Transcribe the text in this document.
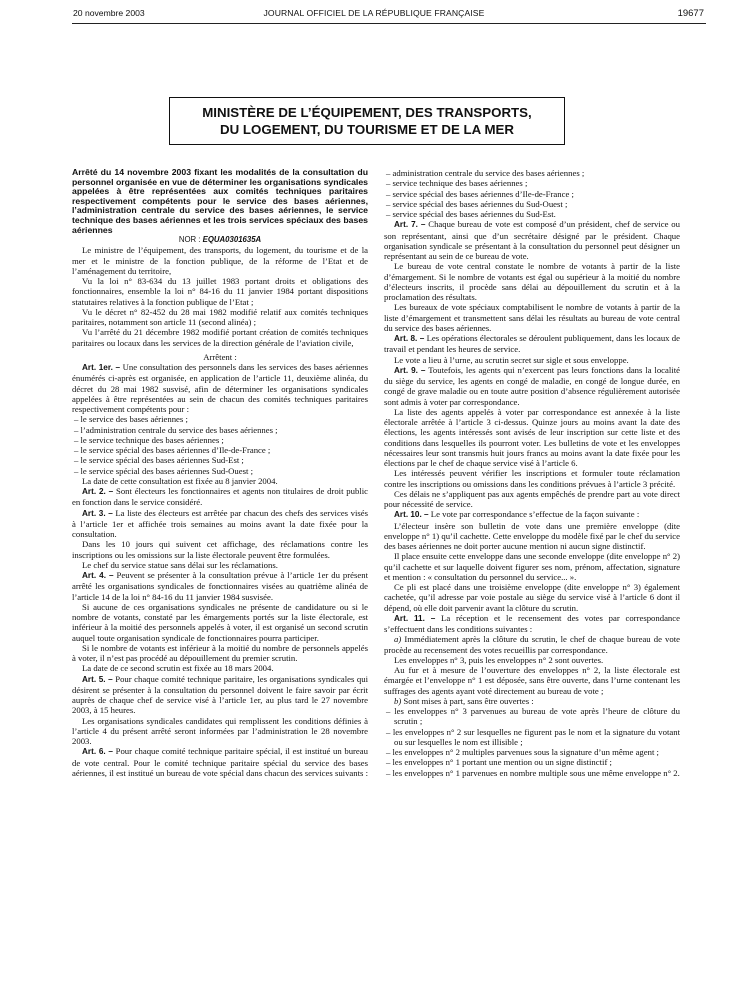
20 novembre 2003	JOURNAL OFFICIEL DE LA RÉPUBLIQUE FRANÇAISE	19677
MINISTÈRE DE L’ÉQUIPEMENT, DES TRANSPORTS,
DU LOGEMENT, DU TOURISME ET DE LA MER

Arrêté du 14 novembre 2003 fixant les modalités de la consultation du personnel organisée en vue de déterminer les organisations syndicales appelées à être représentées aux comités techniques paritaires respectivement compétents pour le service des bases aériennes, l’administration centrale du service des bases aériennes, le service technique des bases aériennes et les trois services spéciaux des bases aériennes

NOR : EQUA0301635A

Le ministre de l’équipement, des transports, du logement, du tourisme et de la mer et le ministre de la fonction publique, de la réforme de l’Etat et de l’aménagement du territoire,

Vu la loi n° 83-634 du 13 juillet 1983 portant droits et obligations des fonctionnaires, ensemble la loi n° 84-16 du 11 janvier 1984 portant dispositions statutaires relatives à la fonction publique de l’Etat ;

Vu le décret n° 82-452 du 28 mai 1982 modifié relatif aux comités techniques paritaires, notamment son article 11 (second alinéa) ;

Vu l’arrêté du 21 décembre 1982 modifié portant création de comités techniques paritaires ou locaux dans les services de la direction générale de l’aviation civile,

Arrêtent :

Art. 1er. – Une consultation des personnels dans les services des bases aériennes énumérés ci-après est organisée, en application de l’article 11, deuxième alinéa, du décret du 28 mai 1982 susvisé, afin de déterminer les organisations syndicales appelées à être représentées au sein de chacun des comités techniques paritaires respectivement compétents pour :

– le service des bases aériennes ;

– l’administration centrale du service des bases aériennes ;

– le service technique des bases aériennes ;

– le service spécial des bases aériennes d’Ile-de-France ;

– le service spécial des bases aériennes Sud-Est ;

– le service spécial des bases aériennes Sud-Ouest ;

La date de cette consultation est fixée au 8 janvier 2004.

Art. 2. – Sont électeurs les fonctionnaires et agents non titulaires de droit public en fonction dans le service considéré.

Art. 3. – La liste des électeurs est arrêtée par chacun des chefs des services visés à l’article 1er et affichée trois semaines au moins avant la date fixée pour la consultation.

Dans les 10 jours qui suivent cet affichage, des réclamations contre les inscriptions ou les omissions sur la liste électorale peuvent être formulées.

Le chef du service statue sans délai sur les réclamations.

Art. 4. – Peuvent se présenter à la consultation prévue à l’article 1er du présent arrêté les organisations syndicales de fonctionnaires visées au quatrième alinéa de l’article 14 de la loi n° 84-16 du 11 janvier 1984 susvisée.

Si aucune de ces organisations syndicales ne présente de candidature ou si le nombre de votants, constaté par les émargements portés sur la liste électorale, est inférieur à la moitié des personnels appelés à voter, il est organisé un second scrutin auquel toute organisation syndicale de fonctionnaires pourra participer.

Si le nombre de votants est inférieur à la moitié du nombre de personnels appelés à voter, il n’est pas procédé au dépouillement du premier scrutin.

La date de ce second scrutin est fixée au 18 mars 2004.

Art. 5. – Pour chaque comité technique paritaire, les organisations syndicales qui désirent se présenter à la consultation du personnel doivent le faire savoir par écrit auprès de chaque chef de service visé à l’article 1er, au plus tard le 27 novembre 2003, à 15 heures.

Les organisations syndicales candidates qui remplissent les conditions définies à l’article 4 du présent arrêté seront informées par l’administration le 28 novembre 2003.

Art. 6. – Pour chaque comité technique paritaire spécial, il est institué un bureau de vote central. Pour le comité technique paritaire spécial du service des bases aériennes, il est institué un bureau de vote spécial dans chacun des services suivants :

– administration centrale du service des bases aériennes ;

– service technique des bases aériennes ;

– service spécial des bases aériennes d’Ile-de-France ;

– service spécial des bases aériennes du Sud-Ouest ;

– service spécial des bases aériennes du Sud-Est.

Art. 7. – Chaque bureau de vote est composé d’un président, chef de service ou son représentant, ainsi que d’un secrétaire désigné par le président. Chaque organisation syndicale se présentant à la consultation du personnel peut désigner un représentant au sein de ce bureau de vote.

Le bureau de vote central constate le nombre de votants à partir de la liste d’émargement. Si le nombre de votants est égal ou supérieur à la moitié du nombre d’électeurs inscrits, il procède sans délai au dépouillement du scrutin et à la proclamation des résultats.

Les bureaux de vote spéciaux comptabilisent le nombre de votants à partir de la liste d’émargement et transmettent sans délai les résultats au bureau de vote central du service des bases aériennes.

Art. 8. – Les opérations électorales se déroulent publiquement, dans les locaux de travail et pendant les heures de service.

Le vote a lieu à l’urne, au scrutin secret sur sigle et sous enveloppe.

Art. 9. – Toutefois, les agents qui n’exercent pas leurs fonctions dans la localité du siège du service, les agents en congé de maladie, en congé de longue durée, en congé de grave maladie ou en toute autre position d’absence régulièrement autorisée sont admis à voter par correspondance.

La liste des agents appelés à voter par correspondance est annexée à la liste électorale arrêtée à l’article 3 ci-dessus. Quinze jours au moins avant la date des élections, les agents intéressés sont avisés de leur inscription sur cette liste et des conditions dans lesquelles ils pourront voter. Les bulletins de vote et les enveloppes nécessaires leur sont transmis huit jours francs au moins avant la date fixée pour les élections par le chef de chaque service visé à l’article 6.

Les intéressés peuvent vérifier les inscriptions et formuler toute réclamation contre les inscriptions ou omissions dans les conditions prévues à l’article 3 précité.

Ces délais ne s’appliquent pas aux agents empêchés de prendre part au vote direct pour nécessité de service.

Art. 10. – Le vote par correspondance s’effectue de la façon suivante :

L’électeur insère son bulletin de vote dans une première enveloppe (dite enveloppe n° 1) qu’il cachette. Cette enveloppe du modèle fixé par le chef du service des bases aériennes ne doit porter aucune mention ni aucun signe distinctif.

Il place ensuite cette enveloppe dans une seconde enveloppe (dite enveloppe n° 2) qu’il cachette et sur laquelle doivent figurer ses nom, prénom, affectation, signature et mention : « consultation du personnel du service... ».

Ce pli est placé dans une troisième enveloppe (dite enveloppe n° 3) également cachetée, qu’il adresse par voie postale au siège du service visé à l’article 6 dont il dépend, où elle doit parvenir avant la clôture du scrutin.

Art. 11. – La réception et le recensement des votes par correspondance s’effectuent dans les conditions suivantes :

a) Immédiatement après la clôture du scrutin, le chef de chaque bureau de vote procède au recensement des votes recueillis par correspondance.

Les enveloppes n° 3, puis les enveloppes n° 2 sont ouvertes.

Au fur et à mesure de l’ouverture des enveloppes n° 2, la liste électorale est émargée et l’enveloppe n° 1 est déposée, sans être ouverte, dans l’urne contenant les suffrages des agents ayant voté directement au bureau de vote ;

b) Sont mises à part, sans être ouvertes :

– les enveloppes n° 3 parvenues au bureau de vote après l’heure de clôture du scrutin ;

– les enveloppes n° 2 sur lesquelles ne figurent pas le nom et la signature du votant ou sur lesquelles le nom est illisible ;

– les enveloppes n° 2 multiples parvenues sous la signature d’un même agent ;

– les enveloppes n° 1 portant une mention ou un signe distinctif ;

– les enveloppes n° 1 parvenues en nombre multiple sous une même enveloppe n° 2.
